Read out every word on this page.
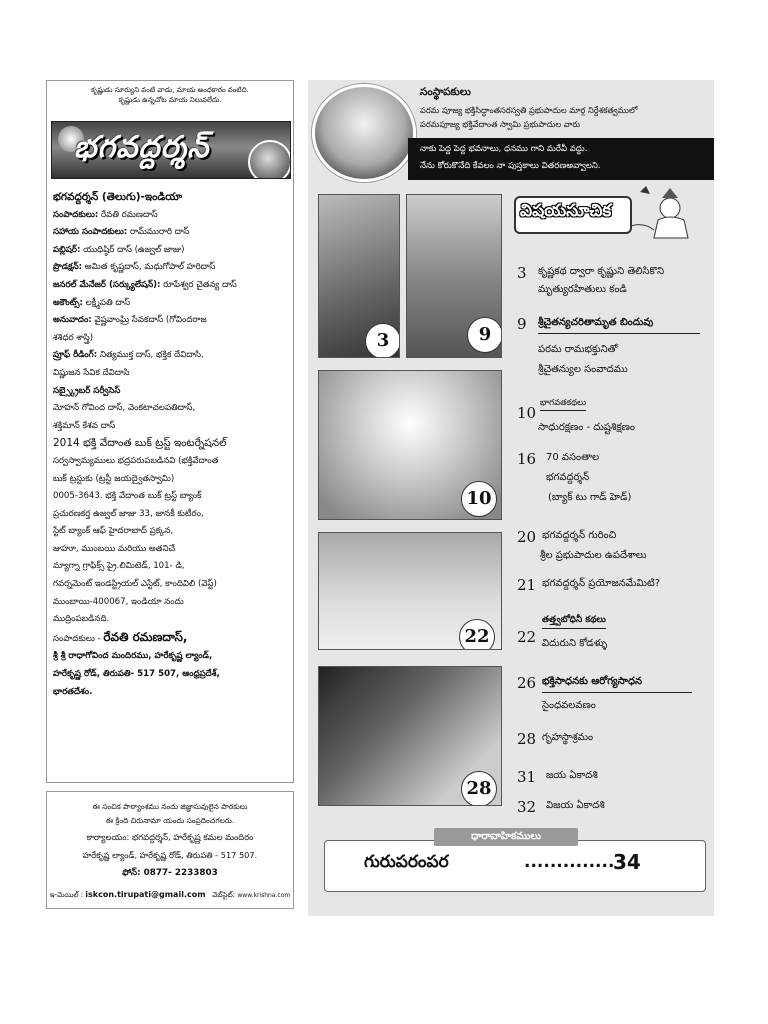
కృష్ణుడు సూర్యుని వంటి వాడు, మాయ అంధకారం వంటిది.
కృష్ణుడు ఉన్నచోట మాయ నిలువలేదు.
భగవద్దర్శన్
భగవద్దర్శన్ (తెలుగు)-ఇండియా
సంపాదకులు: రేవతి రమణదాస్
సహాయ సంపాదకులు: రామ్‌మురారి దాస్
పబ్లిషర్: యుధిష్ఠిర్ దాస్ (ఉజ్వల్ జాజు)
ప్రొడక్షన్: అమిత కృష్ణదాస్, మధుగోపాల్ హరిదాస్
జనరల్ మేనేజర్ (సర్క్యులేషన్): రూపేశ్వర చైతన్య దాస్
అకౌంట్స్: లక్ష్మీపతి దాస్
అనువాదం: వైష్ణవాంఘ్రి సేవకదాస్ (గోవిందరాజ
శశిధర శాస్త్రి)
ప్రూఫ్ రీడింగ్: నిత్యముక్త దాస్, భక్తిక దేవిదాసి,
విష్ణుజన సేవిక దేవిదాసి
సబ్స్క్రైబర్ సర్వీసెస్
మోహన్ గోవింద దాస్, వెంకటాచలపతిదాస్,
శక్తిమాన్ కేశవ దాస్
2014 భక్తి వేదాంత బుక్ ట్రస్ట్ ఇంటర్నేషనల్
సర్వస్వామ్యములు భద్రపరుపబడినవి (భక్తివేదాంత
బుక్ ట్రస్టుకు (ట్రస్టీ జయద్వైతస్వామి)
0005-3643. భక్తి వేదాంత బుక్ ట్రస్ట్ బ్యాంక్
ప్రచురణకర్త ఉజ్వల్ జాజు 33, జానకీ కుటీరం,
స్టేట్ బ్యాంక్ ఆఫ్ హైదరాబాద్ ప్రక్కన,
జుహూ, ముంబయి మరియు అతనిచే
మ్యాగ్నా గ్రాఫిక్స్ ప్రై.లిమిటెడ్, 101- డి,
గవర్నమెంట్ ఇండస్ట్రియల్ ఎస్టేట్, కాందివిలి (వెస్ట్)
ముంబాయి-400067, ఇండియా నందు
ముద్రింపబడినది.
సంపాదకులు - రేవతి రమణదాస్,
శ్రీ శ్రీ రాధాగోవింద మందిరము, హరేకృష్ణ ల్యాండ్,
హరేకృష్ణ రోడ్, తిరుపతి- 517 507, ఆంధ్రప్రదేశ్,
భారతదేశం.
ఈ సంచిక పాఠ్యాంశము నందు జిజ్ఞాసువులైన పాఠకులు
ఈ క్రింది చిరునామా యందు సంప్రదించగలరు.
కార్యాలయం: భగవద్దర్శన్, హరేకృష్ణ కమల మందిరం
హరేకృష్ణ ల్యాండ్, హరేకృష్ణ రోడ్, తిరుపతి - 517 507.
ఫోన్: 0877- 2233803
ఇ-మెయిల్ : iskcon.tirupati@gmail.com వెబ్‌సైట్: www.krishna.com
సంస్థాపకులు
పరమ పూజ్య భక్తిసిద్ధాంతసరస్వతి ప్రభుపాదుల మార్గ నిర్దేశకత్వములో
పరమపూజ్య భక్తివేదాంత స్వామి ప్రభుపాదుల వారు
నాకు పెద్ద పెద్ద భవనాలు, ధనము గాని మరేవీ వద్దు.
నేను కోరుకొనేది కేవలం నా పుస్తకాలు వితరణఅవ్వాలని.
3	9
10
22
28
విషయసూచిక
3 కృష్ణకథ ద్వారా కృష్ణుని తెలిసికొని
మృత్యురహితులు కండి
9 శ్రీచైతన్యచరితామృత బిందువు
పరమ రామభక్తునితో
శ్రీచైతన్యుల సంవాదము
10
భాగవతకథలు
సాధురక్షణం - దుష్టశిక్షణం
16 70 వసంతాల
భగవద్దర్శన్
(బ్యాక్ టు గాడ్ హెడ్)
20 భగవద్దర్శన్ గురించి
శ్రీల ప్రభుపాదుల ఉపదేశాలు
21 భగవద్దర్శన్ ప్రయోజనమేమిటి?
22
తత్త్వబోధినీ కథలు
విదురుని కోడళ్ళు
26 భక్తిసాధనకు ఆరోగ్యసాధన
సైంధవలవణం
28 గృహస్థాశ్రమం
31 జయ ఏకాదశి
32 విజయ ఏకాదశి
ధారావాహికములు
గురుపరంపర	..............
34
